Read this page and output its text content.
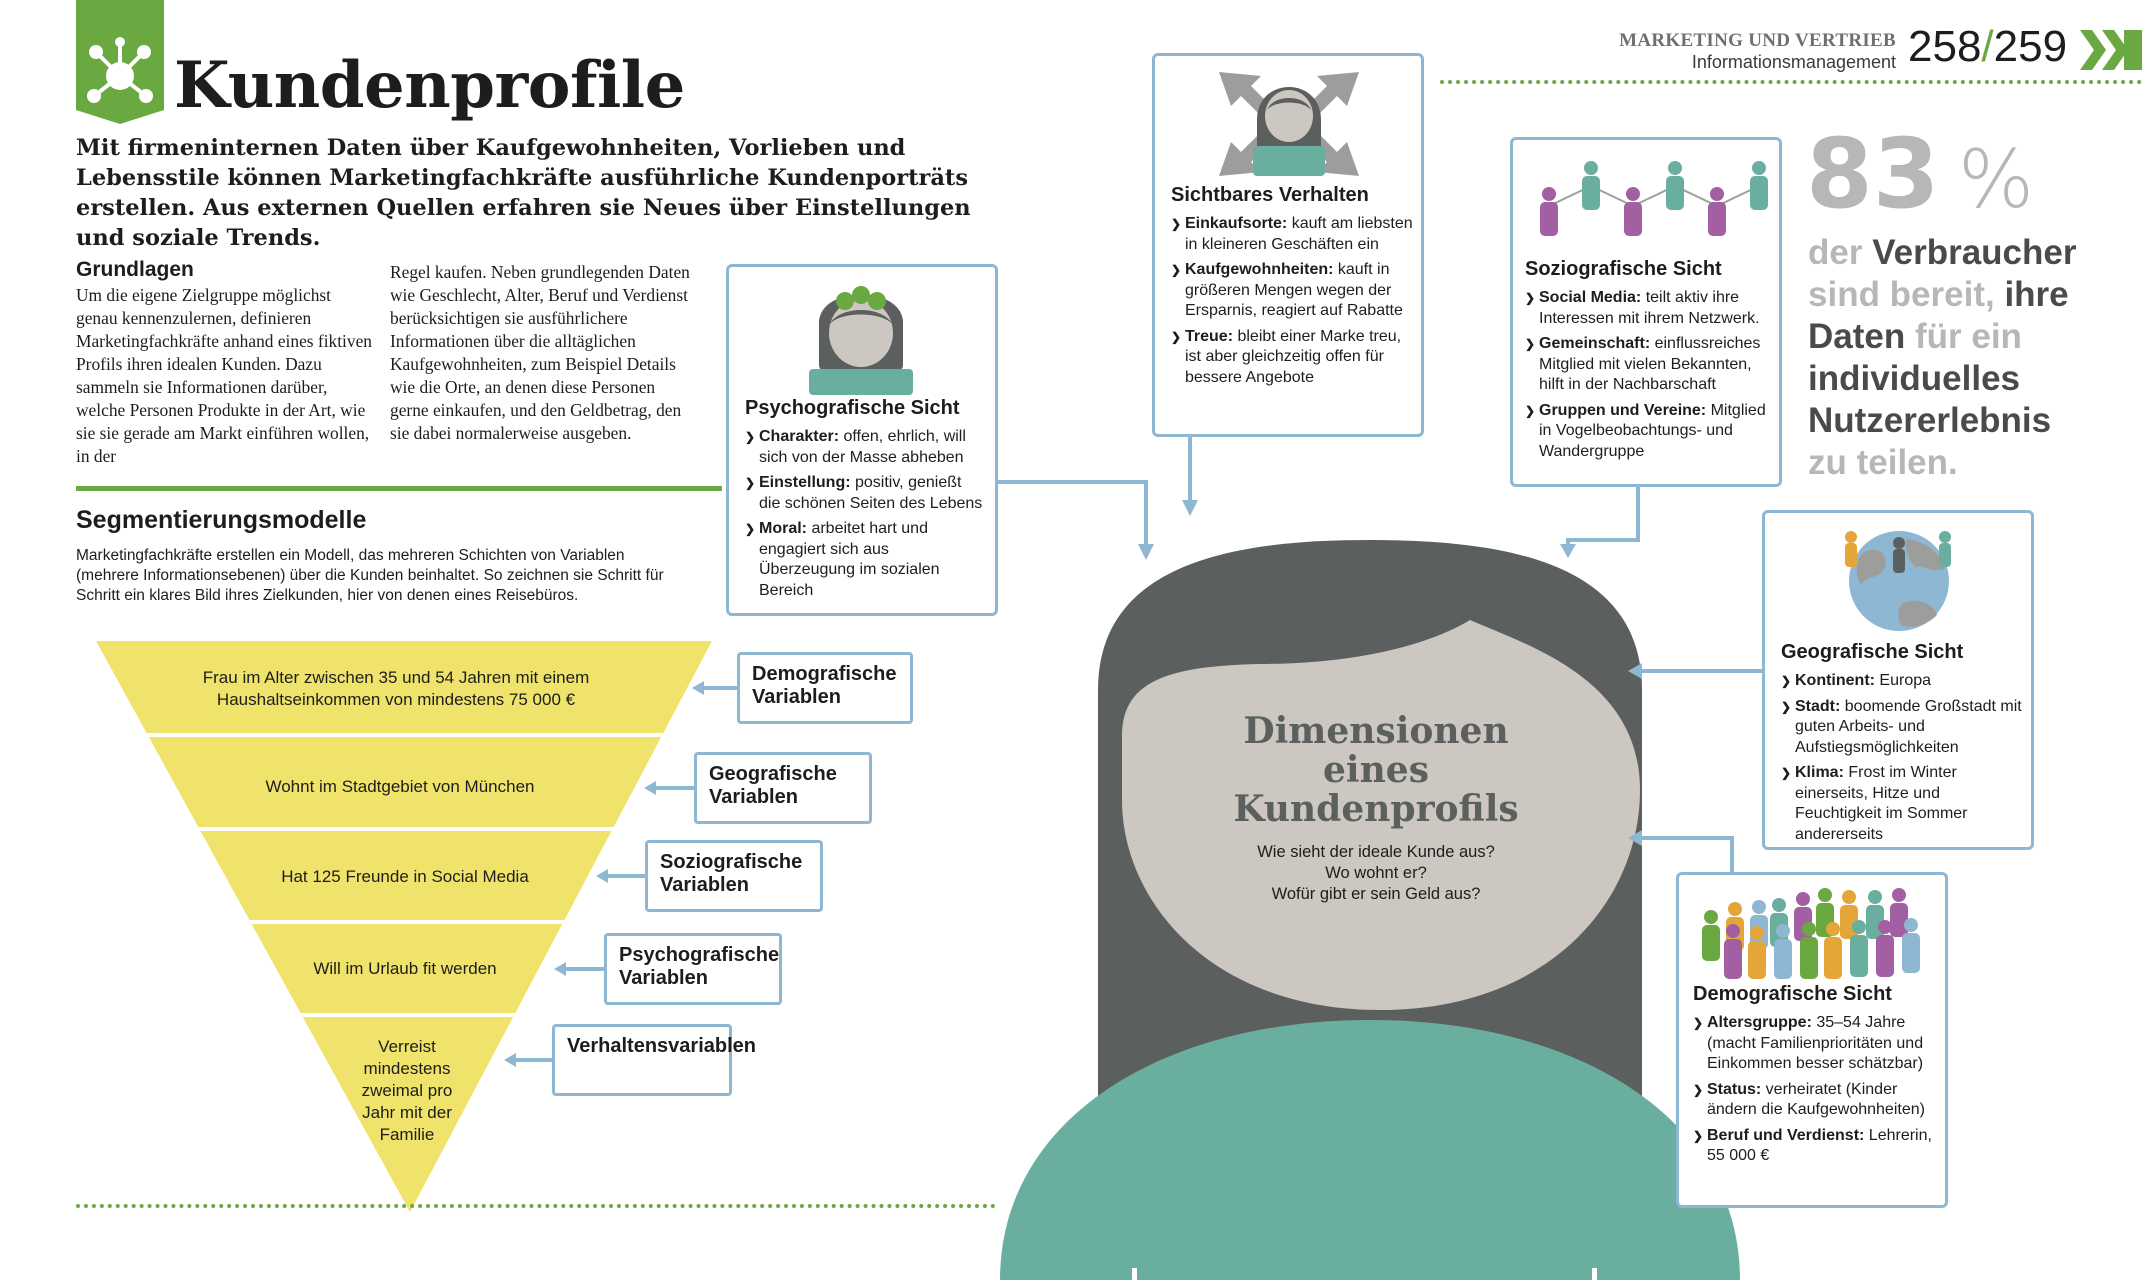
MARKETING UND VERTRIEB
Informationsmanagement 258/259
Kundenprofile
Mit firmeninternen Daten über Kaufgewohnheiten, Vorlieben und Lebensstile können Marketingfachkräfte ausführliche Kundenporträts erstellen. Aus externen Quellen erfahren sie Neues über Einstellungen und soziale Trends.
Grundlagen
Um die eigene Zielgruppe möglichst genau kennenzulernen, definieren Marketingfachkräfte anhand eines fiktiven Profils ihren idealen Kunden. Dazu sammeln sie Informationen darüber, welche Personen Produkte in der Art, wie sie sie gerade am Markt einführen wollen, in der
Regel kaufen. Neben grundlegenden Daten wie Geschlecht, Alter, Beruf und Verdienst berücksichtigen sie ausführlichere Informationen über die alltäglichen Kaufgewohnheiten, zum Beispiel Details wie die Orte, an denen diese Personen gerne einkaufen, und den Geldbetrag, den sie dabei normalerweise ausgeben.
Segmentierungsmodelle
Marketingfachkräfte erstellen ein Modell, das mehreren Schichten von Variablen (mehrere Informationsebenen) über die Kunden beinhaltet. So zeichnen sie Schritt für Schritt ein klares Bild ihres Zielkunden, hier von denen eines Reisebüros.
Frau im Alter zwischen 35 und 54 Jahren mit einem Haushaltseinkommen von mindestens 75 000 €
Wohnt im Stadtgebiet von München
Hat 125 Freunde in Social Media
Will im Urlaub fit werden
Verreist mindestens zweimal pro Jahr mit der Familie
Demografische Variablen
Geografische Variablen
Soziografische Variablen
Psychografische Variablen
Verhaltensvariablen
Dimensionen
eines
Kundenprofils
Wie sieht der ideale Kunde aus?
Wo wohnt er?
Wofür gibt er sein Geld aus?
Psychografische Sicht
❯ Charakter: offen, ehrlich, will sich von der Masse abheben
❯ Einstellung: positiv, genießt die schönen Seiten des Lebens
❯ Moral: arbeitet hart und engagiert sich aus Überzeugung im sozialen Bereich
Sichtbares Verhalten
❯ Einkaufsorte: kauft am liebsten in kleineren Geschäften ein
❯ Kaufgewohnheiten: kauft in größeren Mengen wegen der Ersparnis, reagiert auf Rabatte
❯ Treue: bleibt einer Marke treu, ist aber gleichzeitig offen für bessere Angebote
Soziografische Sicht
❯ Social Media: teilt aktiv ihre Interessen mit ihrem Netzwerk.
❯ Gemeinschaft: einflussreiches Mitglied mit vielen Bekannten, hilft in der Nachbarschaft
❯ Gruppen und Vereine: Mitglied in Vogelbeobachtungs- und Wandergruppe
Geografische Sicht
❯ Kontinent: Europa
❯ Stadt: boomende Großstadt mit guten Arbeits- und Aufstiegsmöglichkeiten
❯ Klima: Frost im Winter einerseits, Hitze und Feuchtigkeit im Sommer andererseits
Demografische Sicht
❯ Altersgruppe: 35–54 Jahre (macht Familienprioritäten und Einkommen besser schätzbar)
❯ Status: verheiratet (Kinder ändern die Kaufgewohnheiten)
❯ Beruf und Verdienst: Lehrerin, 55 000 €
83 %
der Verbraucher
sind bereit, ihre
Daten für ein
individuelles
Nutzererlebnis
zu teilen.
